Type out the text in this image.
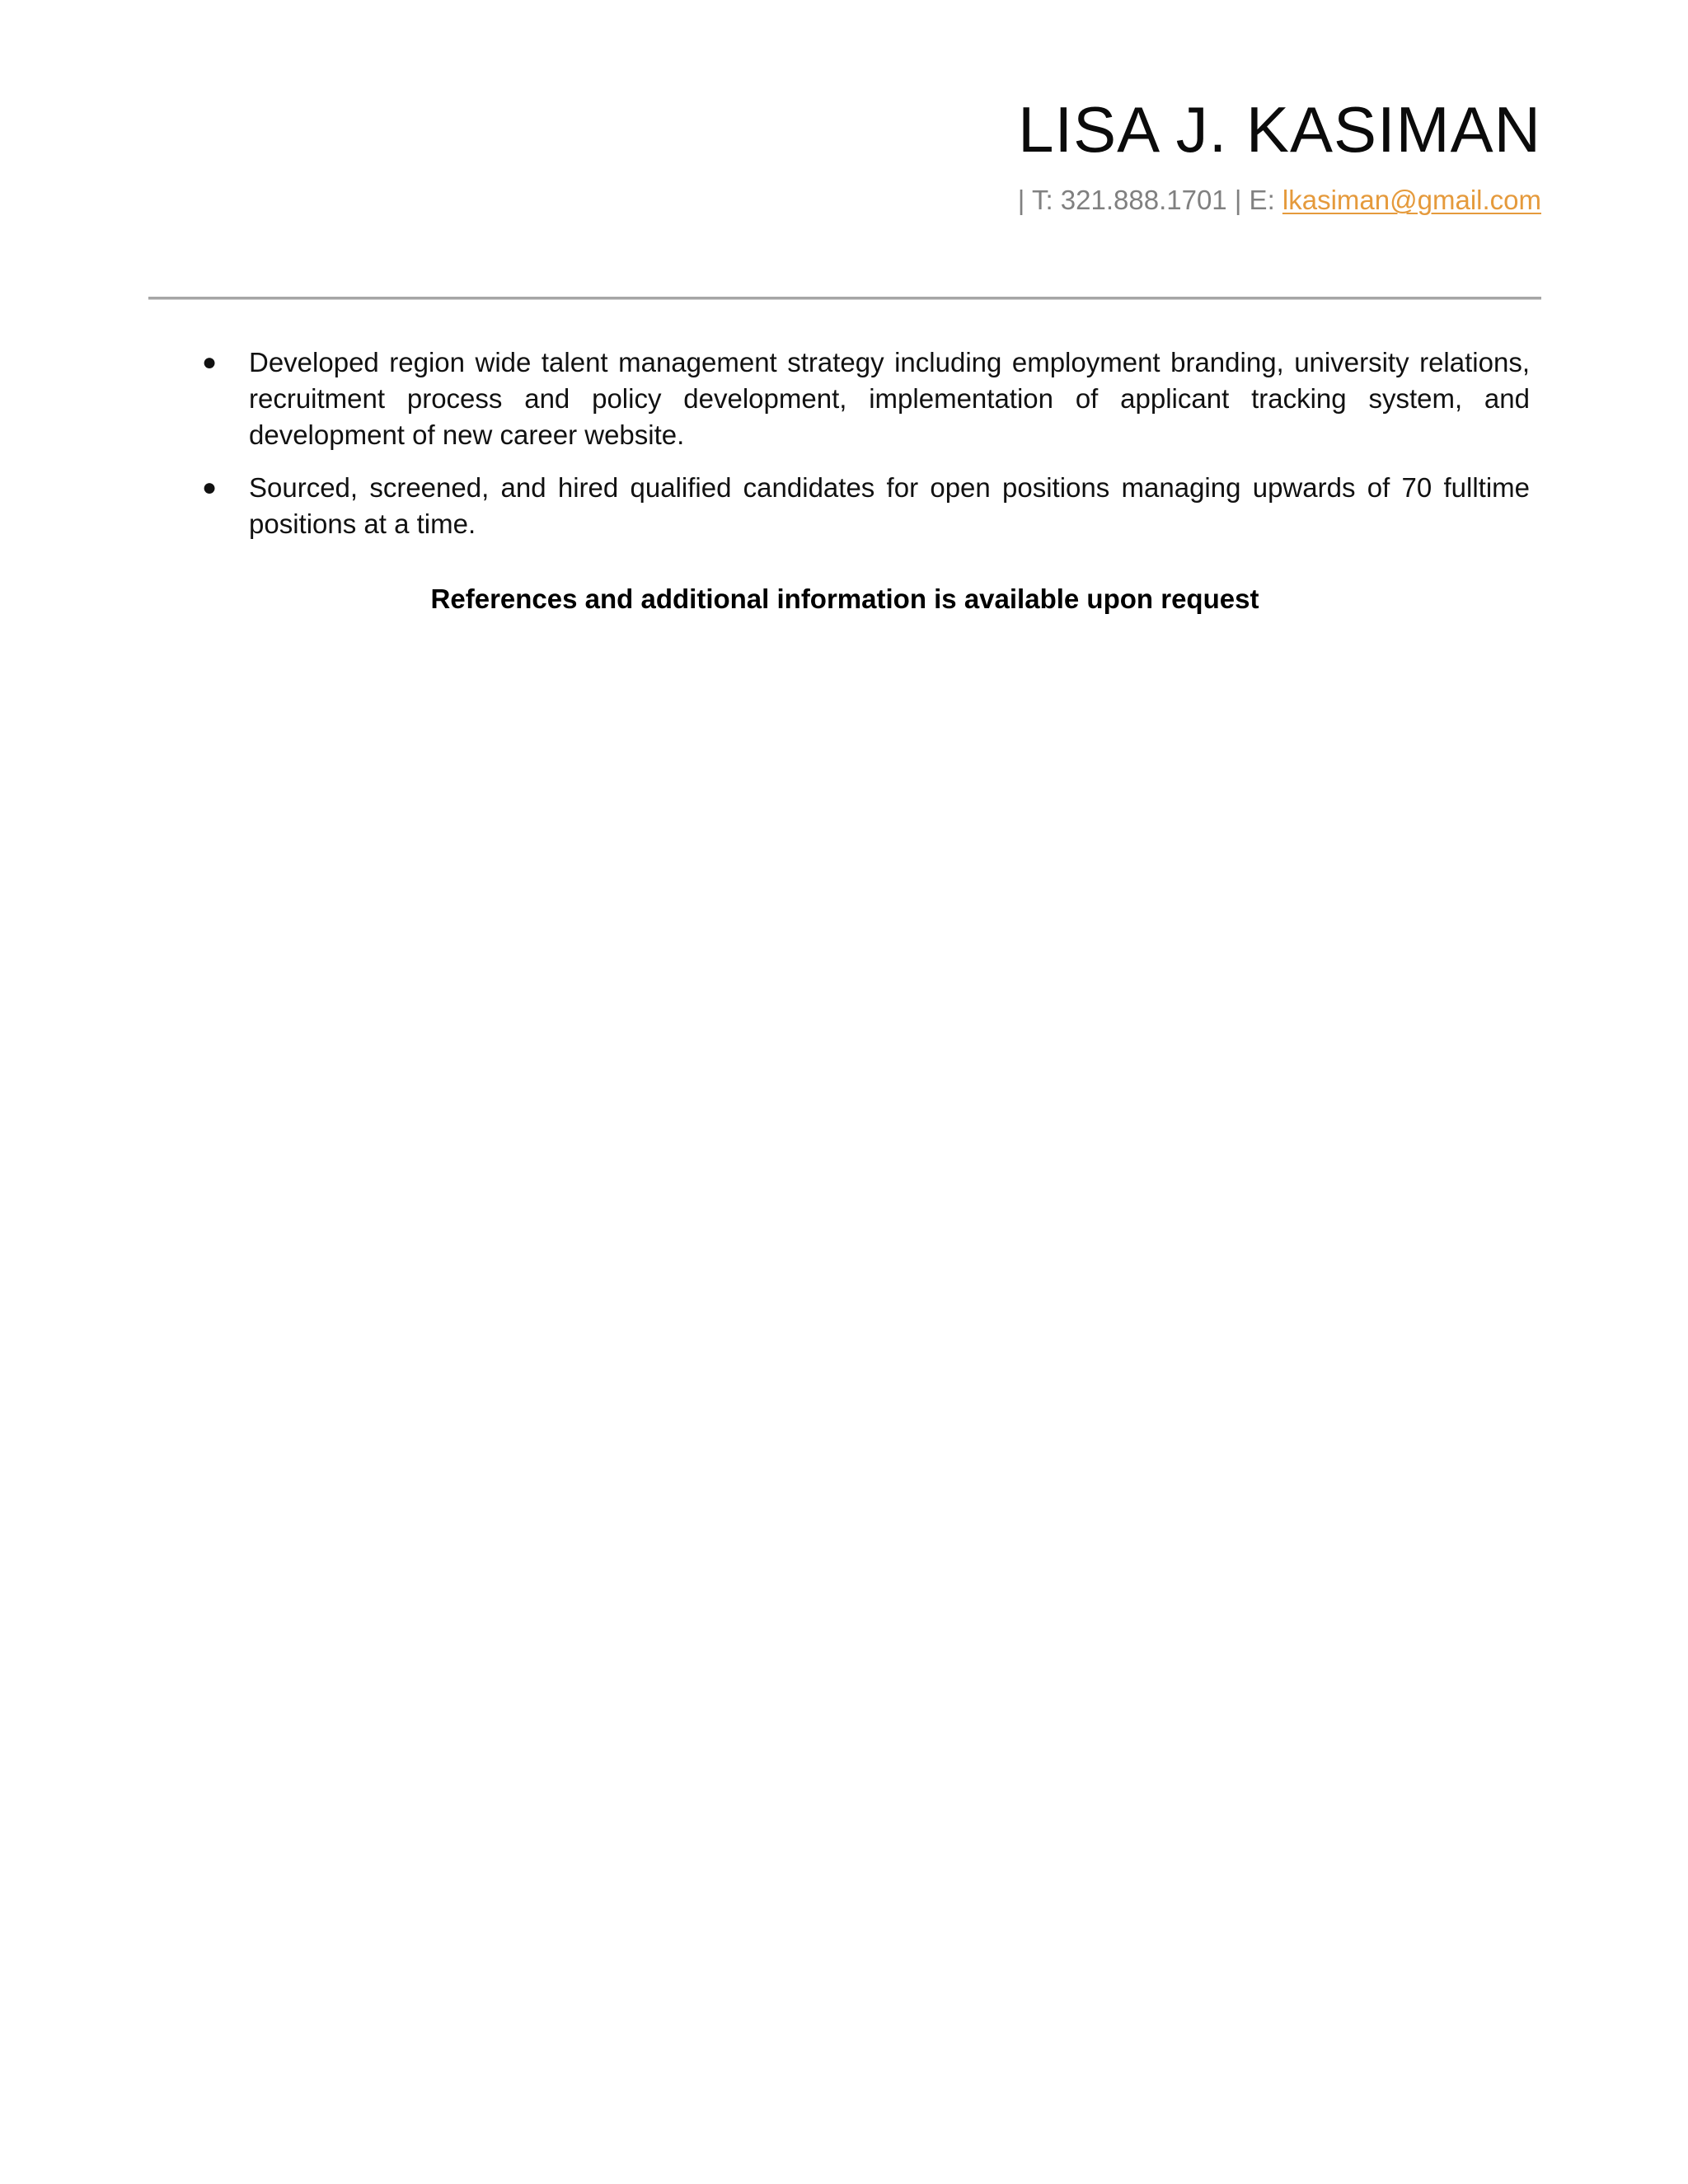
LISA J. KASIMAN
| T: 321.888.1701 | E: lkasiman@gmail.com
● Developed region wide talent management strategy including employment branding, university relations, recruitment process and policy development, implementation of applicant tracking system, and development of new career website.
● Sourced, screened, and hired qualified candidates for open positions managing upwards of 70 fulltime positions at a time.
References and additional information is available upon request
